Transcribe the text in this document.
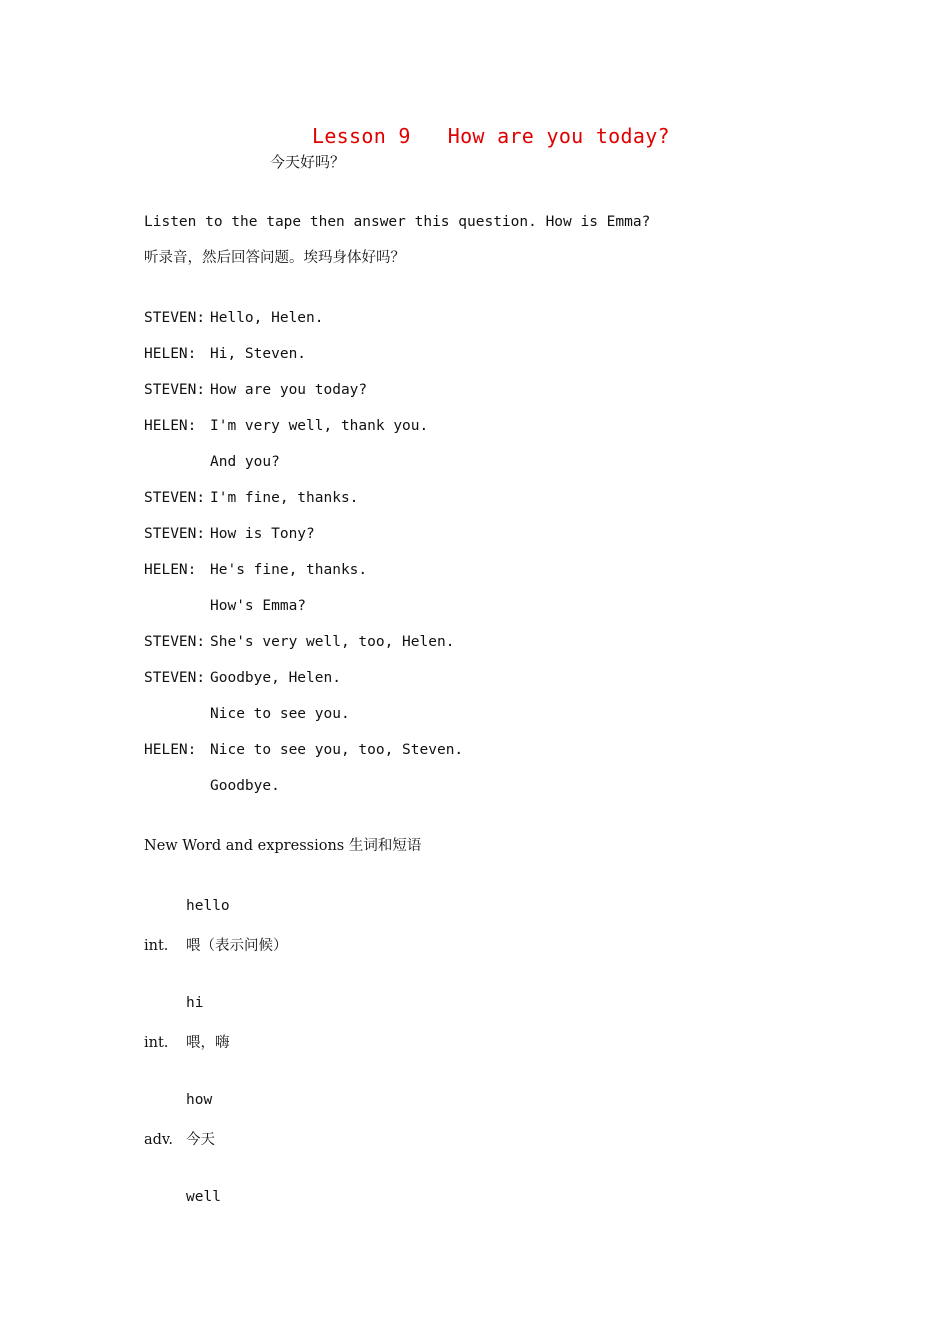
Lesson 9   How are you today?
今天好吗？
Listen to the tape then answer this question. How is Emma?
听录音，然后回答问题。埃玛身体好吗？

STEVEN:

Hello, Helen.

HELEN:

Hi, Steven.

STEVEN:

How are you today?

HELEN:

I'm very well, thank you.

And you?

STEVEN:

I'm fine, thanks.

STEVEN:

How is Tony?

HELEN:

He's fine, thanks.

How's Emma?

STEVEN:

She's very well, too, Helen.

STEVEN:

Goodbye, Helen.

Nice to see you.

HELEN:

Nice to see you, too, Steven.

Goodbye.

New Word and expressions 生词和短语
hello
int. 喂（表示问候）
hi
int. 喂，嗨
how
adv. 今天
well
